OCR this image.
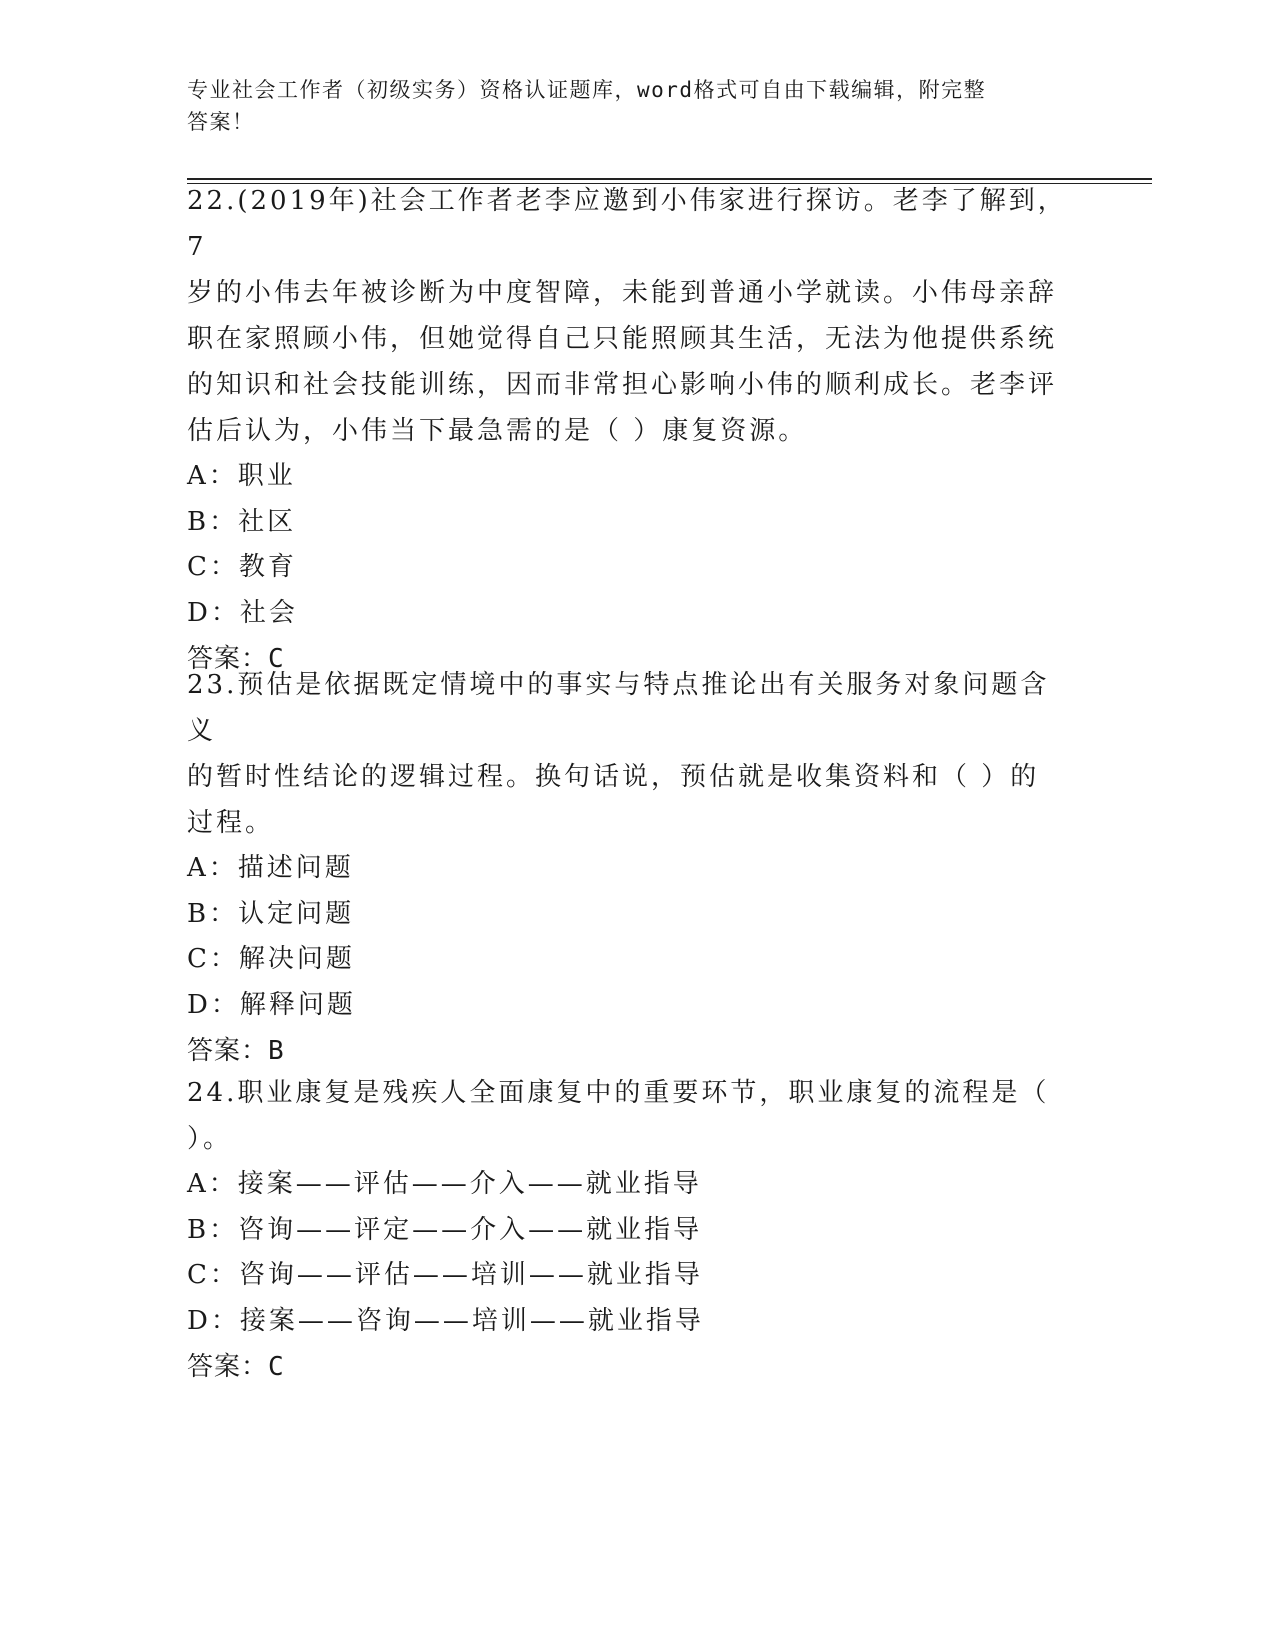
专业社会工作者（初级实务）资格认证题库，word格式可自由下载编辑，附完整
答案！
22.(2019年)社会工作者老李应邀到小伟家进行探访。老李了解到，7
岁的小伟去年被诊断为中度智障，未能到普通小学就读。小伟母亲辞
职在家照顾小伟，但她觉得自己只能照顾其生活，无法为他提供系统
的知识和社会技能训练，因而非常担心影响小伟的顺利成长。老李评
估后认为，小伟当下最急需的是（ ）康复资源。
A：职业
B：社区
C：教育
D：社会
答案：C
23.预估是依据既定情境中的事实与特点推论出有关服务对象问题含义
的暂时性结论的逻辑过程。换句话说，预估就是收集资料和（ ）的
过程。
A：描述问题
B：认定问题
C：解决问题
D：解释问题
答案：B
24.职业康复是残疾人全面康复中的重要环节，职业康复的流程是（
）。
A：接案——评估——介入——就业指导
B：咨询——评定——介入——就业指导
C：咨询——评估——培训——就业指导
D：接案——咨询——培训——就业指导
答案：C
